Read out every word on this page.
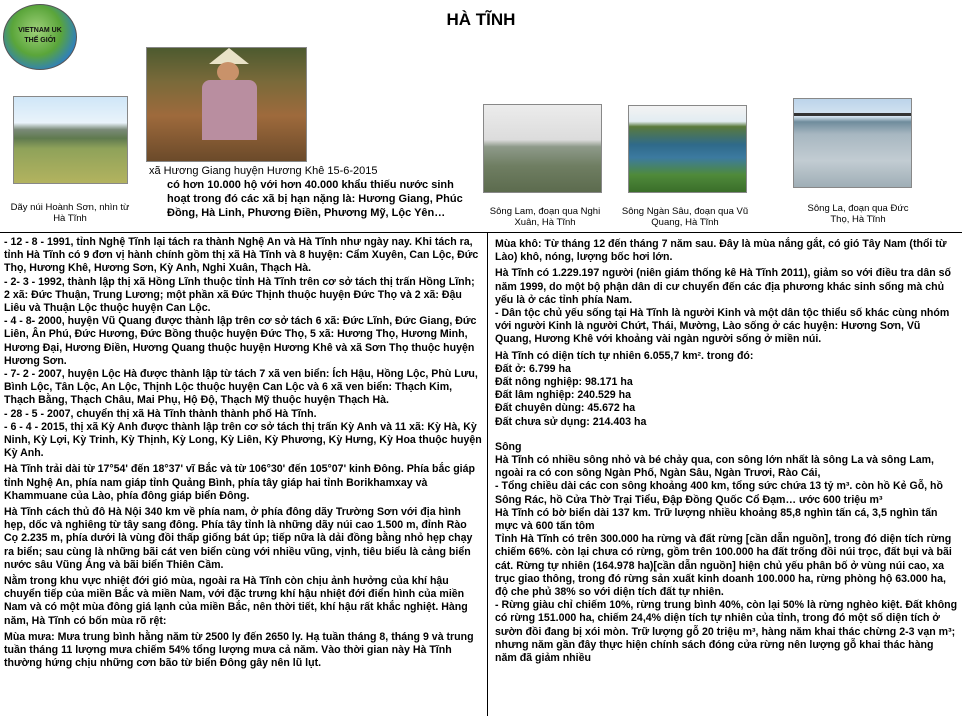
HÀ TĨNH
VIETNAM UK
THẾ GIỚI
Dãy núi Hoành Sơn, nhìn từ Hà Tĩnh
xã Hương Giang huyện Hương Khê 15-6-2015
có hơn 10.000 hộ với hơn 40.000 khẩu thiếu nước sinh
hoạt trong đó các xã bị hạn nặng là: Hương Giang, Phúc
Đồng, Hà Linh, Phương Điền, Phương Mỹ, Lộc Yên…	Sông Lam, đoạn qua Nghi Xuân, Hà Tĩnh
Sông Ngàn Sâu, đoạn qua Vũ Quang, Hà Tĩnh
Sông La, đoạn qua Đức Thọ, Hà Tĩnh

- 12 - 8 - 1991, tỉnh Nghệ Tĩnh lại tách ra thành Nghệ An và Hà Tĩnh như ngày nay. Khi tách ra, tỉnh Hà Tĩnh có 9 đơn vị hành chính gồm thị xã Hà Tĩnh và 8 huyện: Cẩm Xuyên, Can Lộc, Đức Thọ, Hương Khê, Hương Sơn, Kỳ Anh, Nghi Xuân, Thạch Hà.

- 2- 3 - 1992, thành lập thị xã Hồng Lĩnh thuộc tỉnh Hà Tĩnh trên cơ sở tách thị trấn Hồng Lĩnh; 2 xã: Đức Thuận, Trung Lương; một phần xã Đức Thịnh thuộc huyện Đức Thọ và 2 xã: Đậu Liêu và Thuận Lộc thuộc huyện Can Lộc.

- 4 - 8- 2000, huyện Vũ Quang được thành lập trên cơ sở tách 6 xã: Đức Lĩnh, Đức Giang, Đức Liên, Ân Phú, Đức Hương, Đức Bồng thuộc huyện Đức Thọ, 5 xã: Hương Thọ, Hương Minh, Hương Đại, Hương Điền, Hương Quang thuộc huyện Hương Khê và xã Sơn Thọ thuộc huyện Hương Sơn.

- 7- 2 - 2007, huyện Lộc Hà được thành lập từ tách 7 xã ven biển: Ích Hậu, Hồng Lộc, Phù Lưu, Bình Lộc, Tân Lộc, An Lộc, Thịnh Lộc thuộc huyện Can Lộc và 6 xã ven biển: Thạch Kim, Thạch Bằng, Thạch Châu, Mai Phụ, Hộ Độ, Thạch Mỹ thuộc huyện Thạch Hà.

- 28 - 5 - 2007, chuyển thị xã Hà Tĩnh thành thành phố Hà Tĩnh.

- 6 - 4 - 2015, thị xã Kỳ Anh được thành lập trên cơ sở tách thị trấn Kỳ Anh và 11 xã: Kỳ Hà, Kỳ Ninh, Kỳ Lợi, Kỳ Trinh, Kỳ Thịnh, Kỳ Long, Kỳ Liên, Kỳ Phương, Kỳ Hưng, Kỳ Hoa thuộc huyện Kỳ Anh.

Hà Tĩnh trải dài từ 17°54' đến 18°37' vĩ Bắc và từ 106°30' đến 105°07' kinh Đông. Phía bắc giáp tỉnh Nghệ An, phía nam giáp tỉnh Quảng Bình, phía tây giáp hai tỉnh Borikhamxay và Khammuane của Lào, phía đông giáp biển Đông.

Hà Tĩnh cách thủ đô Hà Nội 340 km về phía nam, ở phía đông dãy Trường Sơn với địa hình hẹp, dốc và nghiêng từ tây sang đông. Phía tây tỉnh là những dãy núi cao 1.500 m, đỉnh Rào Cọ 2.235 m, phía dưới là vùng đồi thấp giống bát úp; tiếp nữa là dải đồng bằng nhỏ hẹp chạy ra biển; sau cùng là những bãi cát ven biển cùng với nhiều vũng, vịnh, tiêu biểu là cảng biển nước sâu Vũng Áng và bãi biển Thiên Cầm.

Nằm trong khu vực nhiệt đới gió mùa, ngoài ra Hà Tĩnh còn chịu ảnh hưởng của khí hậu chuyển tiếp của miền Bắc và miền Nam, với đặc trưng khí hậu nhiệt đới điển hình của miền Nam và có một mùa đông giá lạnh của miền Bắc, nên thời tiết, khí hậu rất khắc nghiệt. Hàng năm, Hà Tĩnh có bốn mùa rõ rệt:

Mùa mưa: Mưa trung bình hằng năm từ 2500 ly đến 2650 ly. Hạ tuần tháng 8, tháng 9 và trung tuần tháng 11 lượng mưa chiếm 54% tổng lượng mưa cả năm. Vào thời gian này Hà Tĩnh thường hứng chịu những cơn bão từ biển Đông gây nên lũ lụt.

Mùa khô: Từ tháng 12 đến tháng 7 năm sau. Đây là mùa nắng gắt, có gió Tây Nam (thổi từ Lào) khô, nóng, lượng bốc hơi lớn.

Hà Tĩnh có 1.229.197 người (niên giám thống kê Hà Tĩnh 2011), giảm so với điều tra dân số năm 1999, do một bộ phận dân di cư chuyển đến các địa phương khác sinh sống mà chủ yếu là ở các tỉnh phía Nam.

- Dân tộc chủ yếu sống tại Hà Tĩnh là người Kinh và một dân tộc thiểu số khác cùng nhóm với người Kinh là người Chứt, Thái, Mường, Lào sống ở các huyện: Hương Sơn, Vũ Quang, Hương Khê với khoảng vài ngàn người sống ở miền núi.

Hà Tĩnh có diện tích tự nhiên 6.055,7 km². trong đó:

Đất ở: 6.799 ha

Đất nông nghiệp: 98.171 ha

Đất lâm nghiệp: 240.529 ha

Đất chuyên dùng: 45.672 ha

Đất chưa sử dụng: 214.403 ha

Sông

Hà Tĩnh có nhiều sông nhỏ và bé chảy qua, con sông lớn nhất là sông La và sông Lam, ngoài ra có con sông Ngàn Phố, Ngàn Sâu, Ngàn Trươi, Rào Cái,

- Tổng chiều dài các con sông khoảng 400 km, tổng sức chứa 13 tỷ m³. còn hồ Kẻ Gỗ, hồ Sông Rác, hồ Cửa Thờ Trại Tiểu, Đập Đồng Quốc Cổ Đạm… ước 600 triệu m³

Hà Tĩnh có bờ biển dài 137 km. Trữ lượng nhiều khoảng 85,8 nghìn tấn cá, 3,5 nghìn tấn mực và 600 tấn tôm

Tỉnh Hà Tĩnh có trên 300.000 ha rừng và đất rừng [cần dẫn nguồn], trong đó diện tích rừng chiếm 66%. còn lại chưa có rừng, gồm trên 100.000 ha đất trống đồi núi trọc, đất bụi và bãi cát. Rừng tự nhiên (164.978 ha)[cần dẫn nguồn] hiện chủ yếu phân bố ở vùng núi cao, xa trục giao thông, trong đó rừng sản xuất kinh doanh 100.000 ha, rừng phòng hộ 63.000 ha, độ che phủ 38% so với diện tích đất tự nhiên.

- Rừng giàu chỉ chiếm 10%, rừng trung bình 40%, còn lại 50% là rừng nghèo kiệt. Đất không có rừng 151.000 ha, chiếm 24,4% diện tích tự nhiên của tỉnh, trong đó một số diện tích ở sườn đồi đang bị xói mòn. Trữ lượng gỗ 20 triệu m³, hàng năm khai thác chừng 2-3 vạn m³; nhưng năm gần đây thực hiện chính sách đóng cửa rừng nên lượng gỗ khai thác hàng năm đã giảm nhiều
